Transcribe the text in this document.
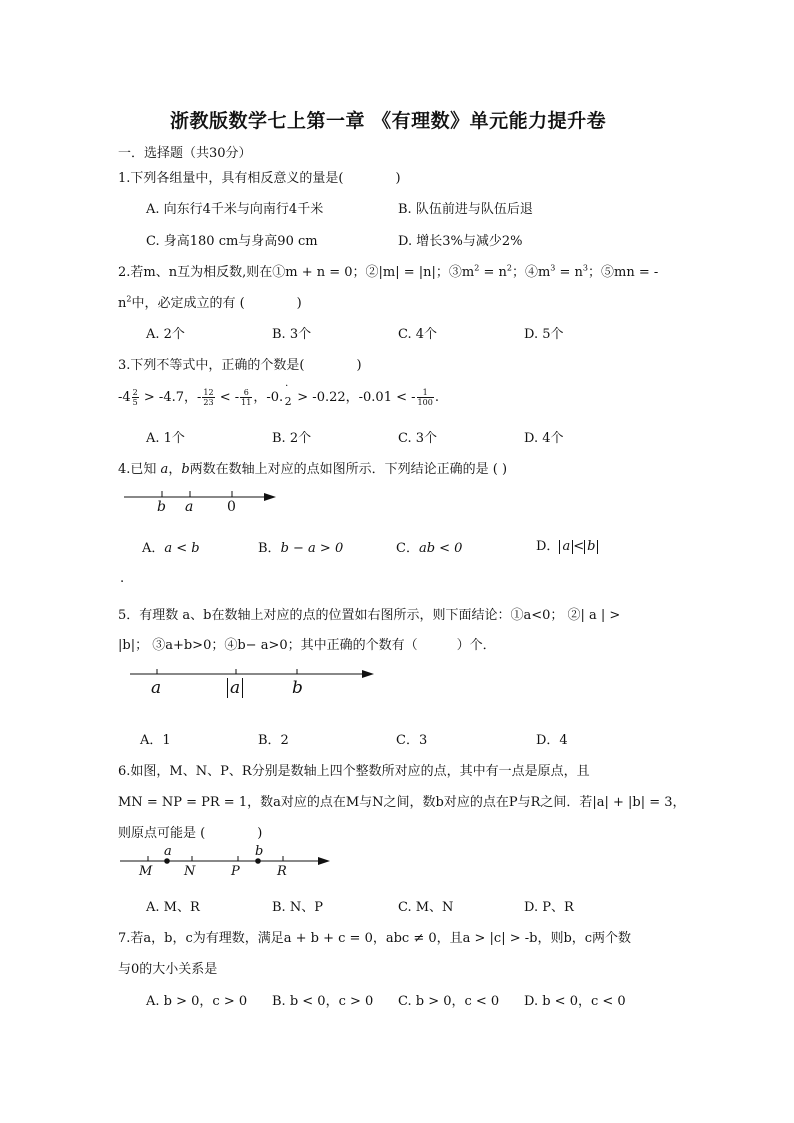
浙教版数学七上第一章 《有理数》单元能力提升卷
一．选择题（共30分）
1.下列各组量中，具有相反意义的量是(　　　　)
A. 向东行4千米与向南行4千米	B. 队伍前进与队伍后退
C. 身高180 cm与身高90 cm	D. 增长3%与减少2%
2.若m、n互为相反数,则在①m + n = 0；②|m| = |n|；$③m^2 = n^2$；$④m^3 = n^3$；⑤mn = -
$n^2$中，必定成立的有 (　　　　)
A. 2个	B. 3个	C. 4个	D. 5个
3.下列不等式中，正确的个数是(　　　　)
$-4 \frac{2}{5} > -4.7$，- $\frac{12}{23}$ < - $\frac{6}{11}$ ，-0.
·
$_2$ > -0.22，-0.01 < - $\frac{1}{100}$ .
A. 1个	B. 2个	C. 3个	D. 4个
4.已知 a，b两数在数轴上对应的点如图所示．下列结论正确的是 ( )
b a 0
A．a < b	B．b − a > 0	C．ab < 0	D． a < b
.
5．有理数 a、b在数轴上对应的点的位置如右图所示，则下面结论：①a<0； ②| a | >
|b|； ③a+b>0；④b− a>0；其中正确的个数有（　　　）个．
a	a	b
A．1	B．2	C．3	D．4
6.如图，M、N、P、R分别是数轴上四个整数所对应的点，其中有一点是原点，且
MN = NP = PR = 1，数a对应的点在M与N之间，数b对应的点在P与R之间．若|a| + |b| = 3，
则原点可能是 (　　　　)
a	b
M N	P	R
A. M、R	B. N、P	C. M、N	D. P、R
7.若a，b，c为有理数，满足a + b + c = 0，abc ≠ 0，且a > |c| > -b，则b，c两个数
与0的大小关系是
A. b > 0，c > 0 B. b < 0，c > 0 C. b > 0，c < 0 D. b < 0，c < 0
